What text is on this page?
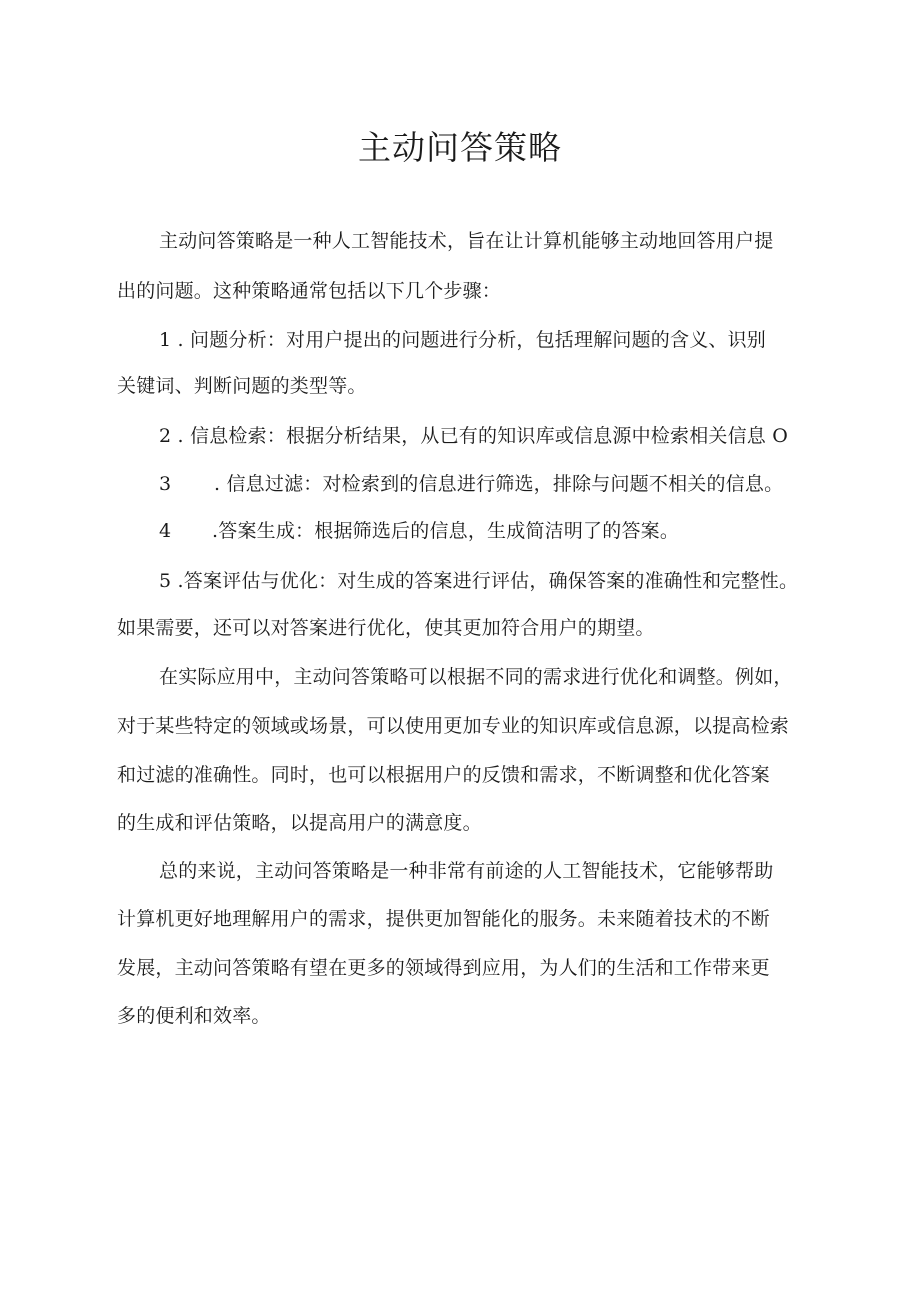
主动问答策略
主动问答策略是一种人工智能技术，旨在让计算机能够主动地回答用户提
出的问题。这种策略通常包括以下几个步骤：
1 . 问题分析：对用户提出的问题进行分析，包括理解问题的含义、识别
关键词、判断问题的类型等。
2 . 信息检索：根据分析结果，从已有的知识库或信息源中检索相关信息 O
3 . 信息过滤：对检索到的信息进行筛选，排除与问题不相关的信息。
4 .答案生成：根据筛选后的信息，生成简洁明了的答案。
5 .答案评估与优化：对生成的答案进行评估，确保答案的准确性和完整性。
如果需要，还可以对答案进行优化，使其更加符合用户的期望。
在实际应用中，主动问答策略可以根据不同的需求进行优化和调整。例如，
对于某些特定的领域或场景，可以使用更加专业的知识库或信息源，以提高检索
和过滤的准确性。同时，也可以根据用户的反馈和需求，不断调整和优化答案
的生成和评估策略，以提高用户的满意度。
总的来说，主动问答策略是一种非常有前途的人工智能技术，它能够帮助
计算机更好地理解用户的需求，提供更加智能化的服务。未来随着技术的不断
发展，主动问答策略有望在更多的领域得到应用，为人们的生活和工作带来更
多的便利和效率。
